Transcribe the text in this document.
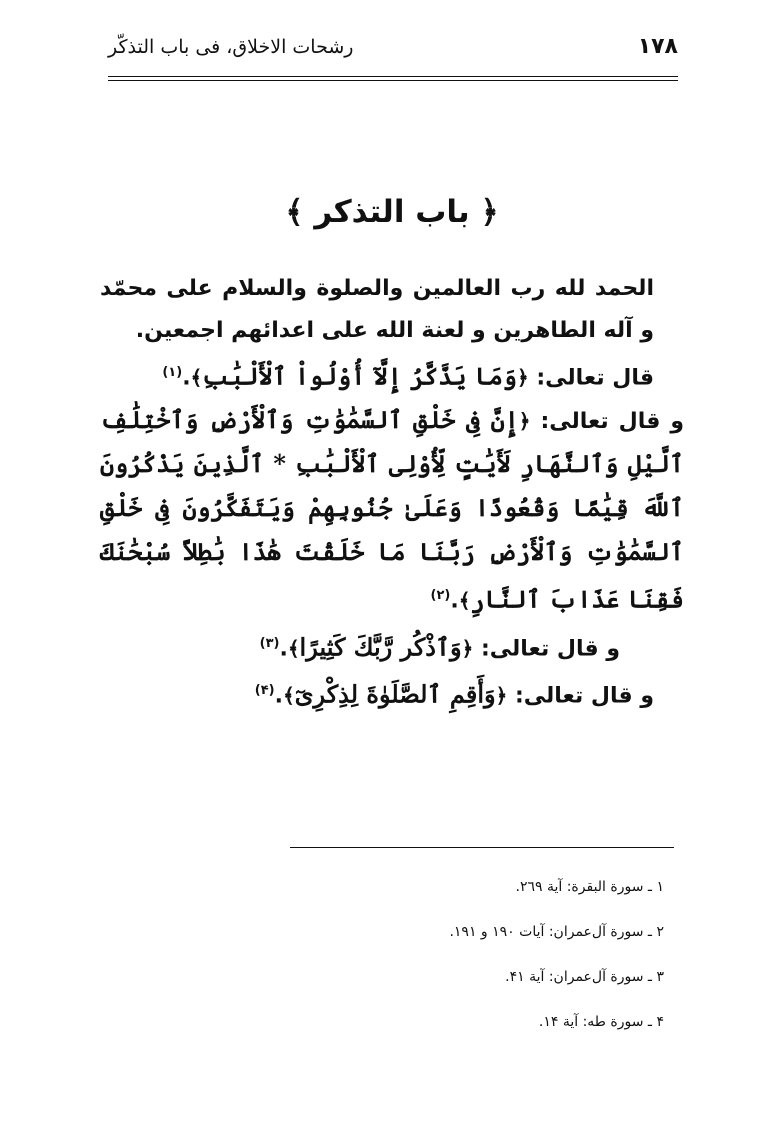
١٧٨
رشحات الاخلاق، فى باب التذكّر
﴿ باب التذكر ﴾

الحمد لله رب العالمين والصلوة والسلام على محمّد و آله الطاهرين و لعنة الله على اعدائهم اجمعين.

قال تعالى: ﴿وَمَا يَذَّكَّرُ إِلَّآ أُوْلُواْ ٱلْأَلْبَٰبِ﴾.$^{(١)}$

و قال تعالى: ﴿إِنَّ فِى خَلْقِ ٱلسَّمَٰوَٰتِ وَٱلْأَرْضِ وَٱخْتِلَٰفِ ٱلَّيْلِ وَٱلنَّهَارِ لَأَيَٰتٍ لِّأُوْلِى ٱلْأَلْبَٰبِ * ٱلَّذِينَ يَذْكُرُونَ ٱللَّهَ قِيَٰمًا وَقُعُودًا وَعَلَىٰ جُنُوبِهِمْ وَيَتَفَكَّرُونَ فِى خَلْقِ ٱلسَّمَٰوَٰتِ وَٱلْأَرْضِ رَبَّنَا مَا خَلَقْتَ هَٰذَا بَٰطِلاً سُبْحَٰنَكَ فَقِنَا عَذَابَ ٱلنَّارِ﴾.$^{(٢)}$

و قال تعالى: ﴿وَٱذْكُر رَّبَّكَ كَثِيرًا﴾.$^{(٣)}$

و قال تعالى: ﴿وَأَقِمِ ٱلصَّلَوٰةَ لِذِكْرِىٓ﴾.$^{(۴)}$

١ ـ سورة البقرة: آية ٢٦٩.
٢ ـ سورة آل‌عمران: آيات ١٩٠ و ١٩١.
٣ ـ سورة آل‌عمران: آية ۴١.
۴ ـ سورة طه: آية ١۴.
